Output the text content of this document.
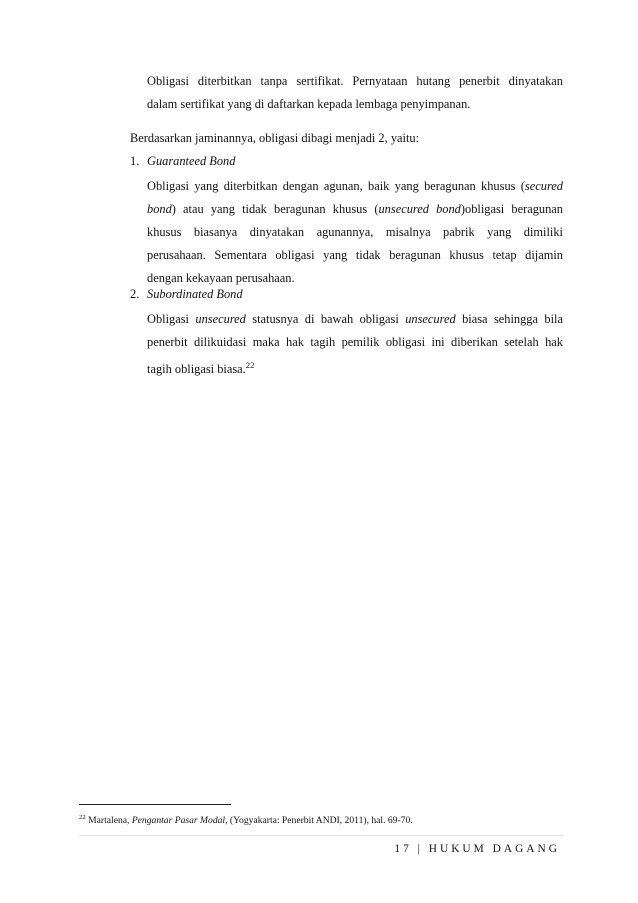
Obligasi diterbitkan tanpa sertifikat. Pernyataan hutang penerbit dinyatakan

dalam sertifikat yang di daftarkan kepada lembaga penyimpanan.

Berdasarkan jaminannya, obligasi dibagi menjadi 2, yaitu:

1. Guaranteed Bond

Obligasi yang diterbitkan dengan agunan, baik yang beragunan khusus (secured

bond) atau yang tidak beragunan khusus (unsecured bond)obligasi beragunan

khusus biasanya dinyatakan agunannya, misalnya pabrik yang dimiliki

perusahaan. Sementara obligasi yang tidak beragunan khusus tetap dijamin

dengan kekayaan perusahaan.

2. Subordinated Bond

Obligasi unsecured statusnya di bawah obligasi unsecured biasa sehingga bila

penerbit dilikuidasi maka hak tagih pemilik obligasi ini diberikan setelah hak

tagih obligasi biasa.$^{22}$

$^{22}$ Martalena, Pengantar Pasar Modal, (Yogyakarta: Penerbit ANDI, 2011), hal. 69-70.
17 | HUKUM DAGANG
